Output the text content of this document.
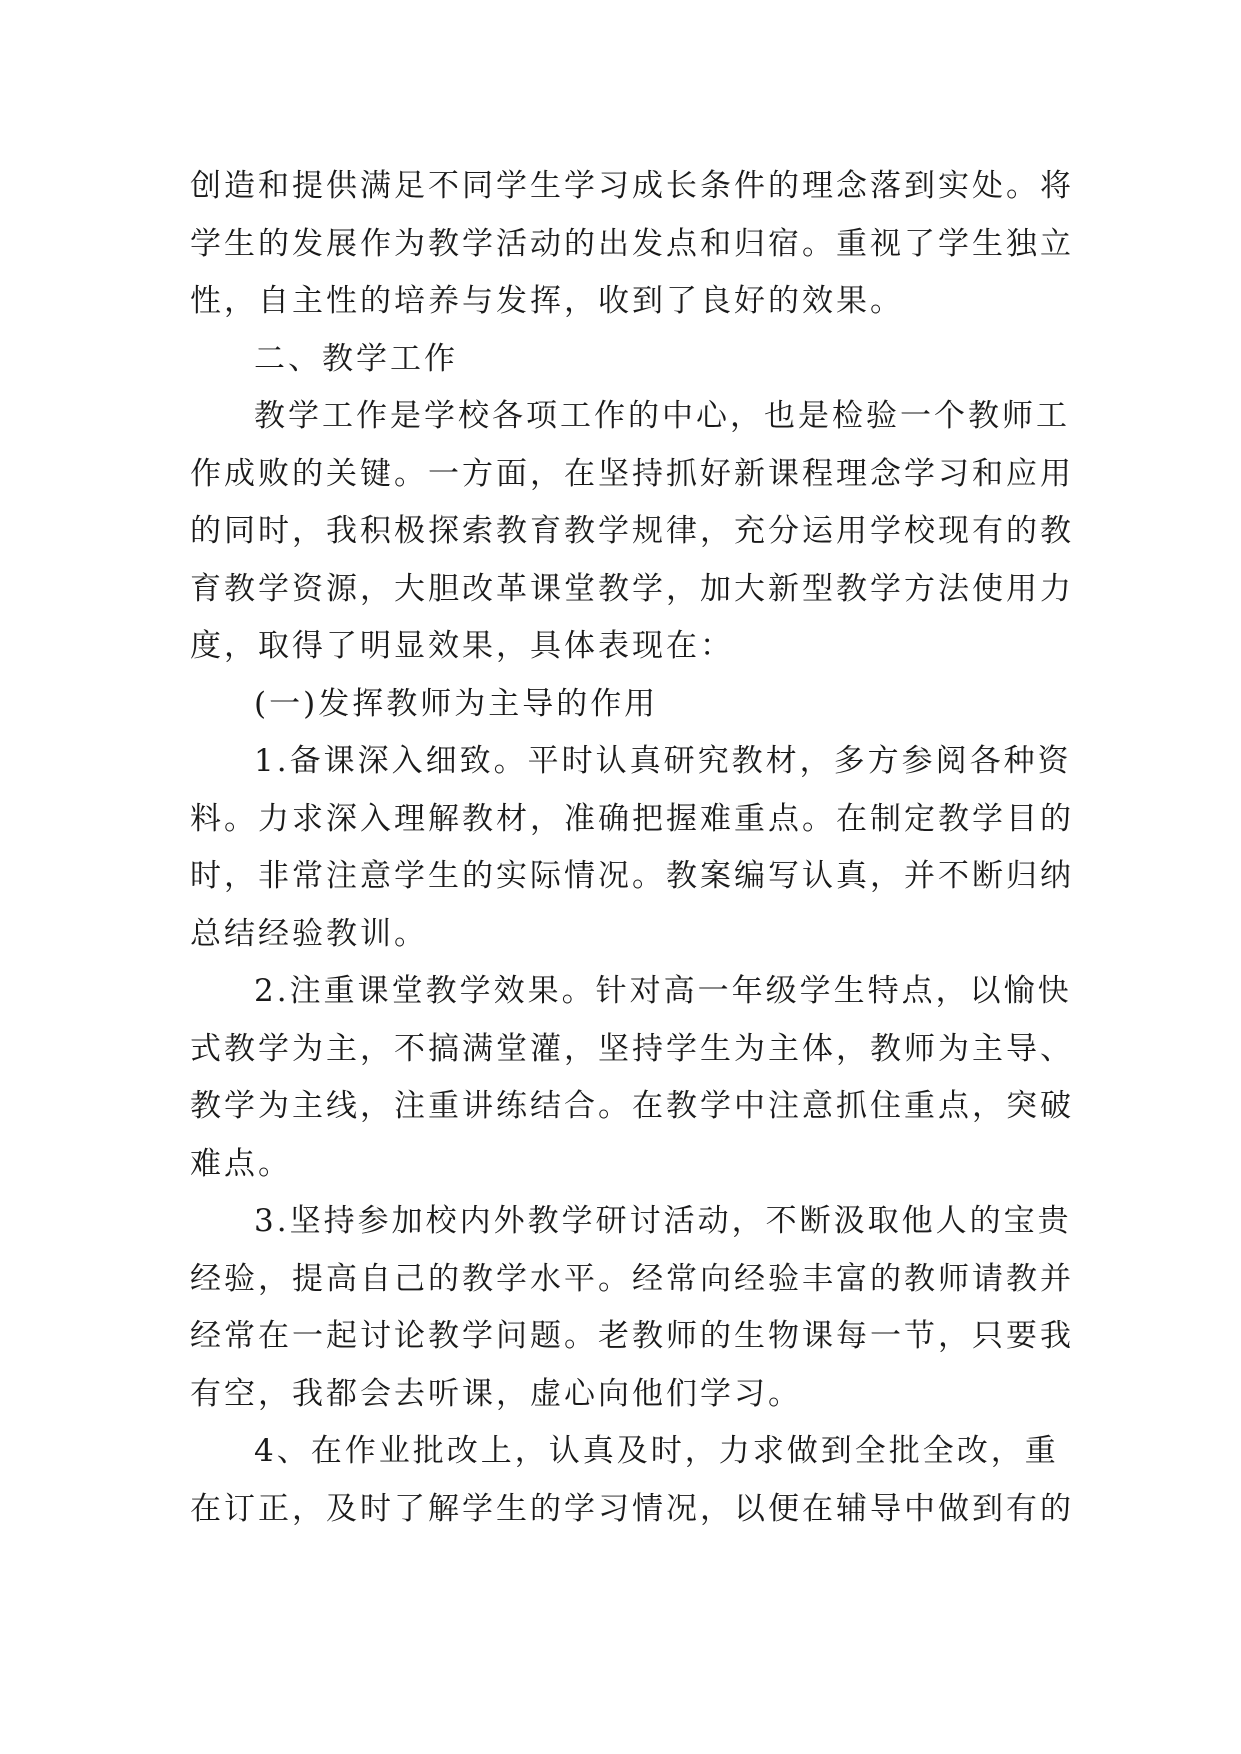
创造和提供满足不同学生学习成长条件的理念落到实处。将
学生的发展作为教学活动的出发点和归宿。重视了学生独立
性，自主性的培养与发挥，收到了良好的效果。
二、教学工作
教学工作是学校各项工作的中心，也是检验一个教师工
作成败的关键。一方面，在坚持抓好新课程理念学习和应用
的同时，我积极探索教育教学规律，充分运用学校现有的教
育教学资源，大胆改革课堂教学，加大新型教学方法使用力
度，取得了明显效果，具体表现在：
(一)发挥教师为主导的作用
1.备课深入细致。平时认真研究教材，多方参阅各种资
料。力求深入理解教材，准确把握难重点。在制定教学目的
时，非常注意学生的实际情况。教案编写认真，并不断归纳
总结经验教训。
2.注重课堂教学效果。针对高一年级学生特点，以愉快
式教学为主，不搞满堂灌，坚持学生为主体，教师为主导、
教学为主线，注重讲练结合。在教学中注意抓住重点，突破
难点。
3.坚持参加校内外教学研讨活动，不断汲取他人的宝贵
经验，提高自己的教学水平。经常向经验丰富的教师请教并
经常在一起讨论教学问题。老教师的生物课每一节，只要我
有空，我都会去听课，虚心向他们学习。
4、在作业批改上，认真及时，力求做到全批全改，重
在订正，及时了解学生的学习情况，以便在辅导中做到有的
